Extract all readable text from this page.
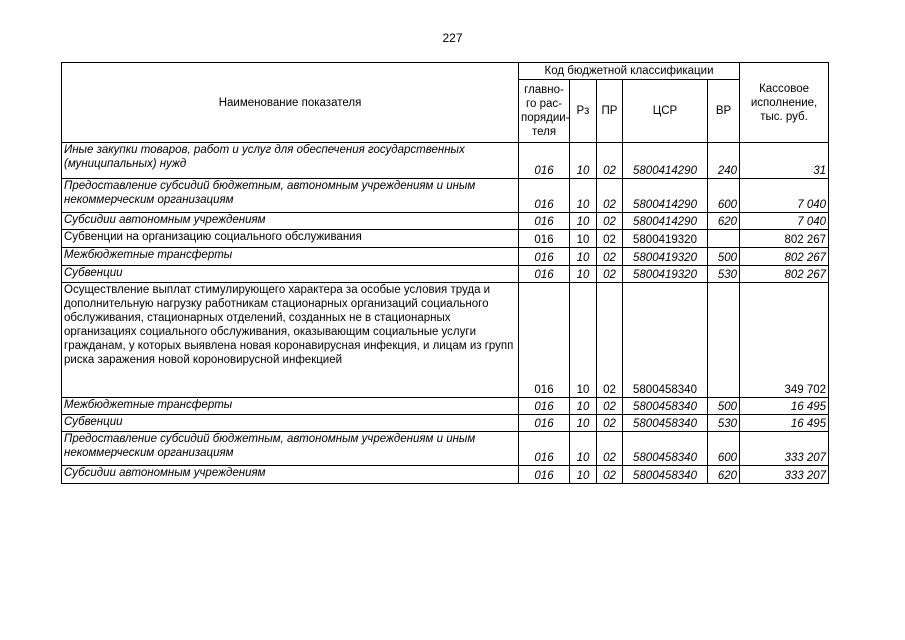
227
Наименование показателя	Код бюджетной классификации					Кассовое исполнение, тыс. руб.
	главно-го рас-порядии-теля	Рз	ПР	ЦСР	ВР	
Иные закупки товаров, работ и услуг для обеспечения государственных (муниципальных) нужд	016	10	02	5800414290	240	31
Предоставление субсидий бюджетным, автономным учреждениям и иным некоммерческим организациям	016	10	02	5800414290	600	7 040
Субсидии автономным учреждениям	016	10	02	5800414290	620	7 040
Субвенции на организацию социального обслуживания	016	10	02	5800419320		802 267
Межбюджетные трансферты	016	10	02	5800419320	500	802 267
Субвенции	016	10	02	5800419320	530	802 267
Осуществление выплат стимулирующего характера за особые условия труда и дополнительную нагрузку работникам стационарных организаций социального обслуживания, стационарных отделений, созданных не в стационарных организациях социального обслуживания, оказывающим социальные услуги гражданам, у которых выявлена новая коронавирусная инфекция, и лицам из групп риска заражения новой короновирусной инфекцией	016	10	02	5800458340		349 702
Межбюджетные трансферты	016	10	02	5800458340	500	16 495
Субвенции	016	10	02	5800458340	530	16 495
Предоставление субсидий бюджетным, автономным учреждениям и иным некоммерческим организациям	016	10	02	5800458340	600	333 207
Субсидии автономным учреждениям	016	10	02	5800458340	620	333 207
